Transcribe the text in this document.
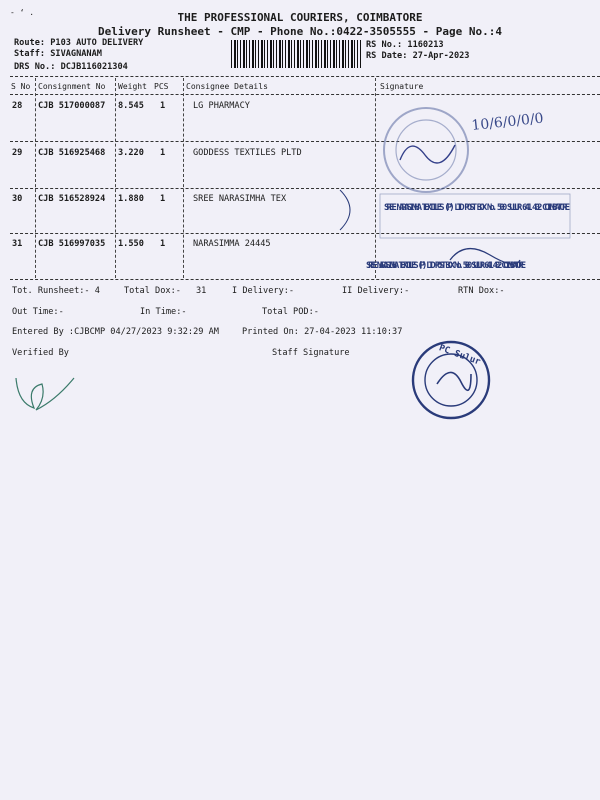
- ‘ .	THE PROFESSIONAL COURIERS, COIMBATORE
Delivery Runsheet - CMP - Phone No.:0422-3505555 - Page No.:4
Route: P103 AUTO DELIVERY
Staff: SIVAGNANAM
DRS No.: DCJB116021304
RS No.: 1160213
RS Date: 27-Apr-2023
S No Consignment No Weight PCS Consignee Details	Signature
28 CJB 517000087 8.545 1	LG PHARMACY
29 CJB 516925468 3.220 1	GODDESS TEXTILES PLTD
30 CJB 516528924 1.880 1	SREE NARASIMHA TEX
31 CJB 516997035 1.550 1	NARASIMMA 24445
Tot. Runsheet:- 4	Total Dox:- 31	I Delivery:-	II Delivery:-	RTN Dox:-
Out Time:-	In Time:-	Total POD:-
Entered By :CJBCMP 04/27/2023 9:32:29 AM	Printed On: 27-04-2023 11:10:37
Verified By	Staff Signature
10/6/0/0/0
SREE NARASIMHA TEXTILES (P) LTD POST BOX No. 500 SULUR 641 402 COIMBATORE
SREE NARASIMHA TEXTILES (P) LTD POST BOX No. 500 SULUR 641 402 COIMBATORE
PC Sulur
